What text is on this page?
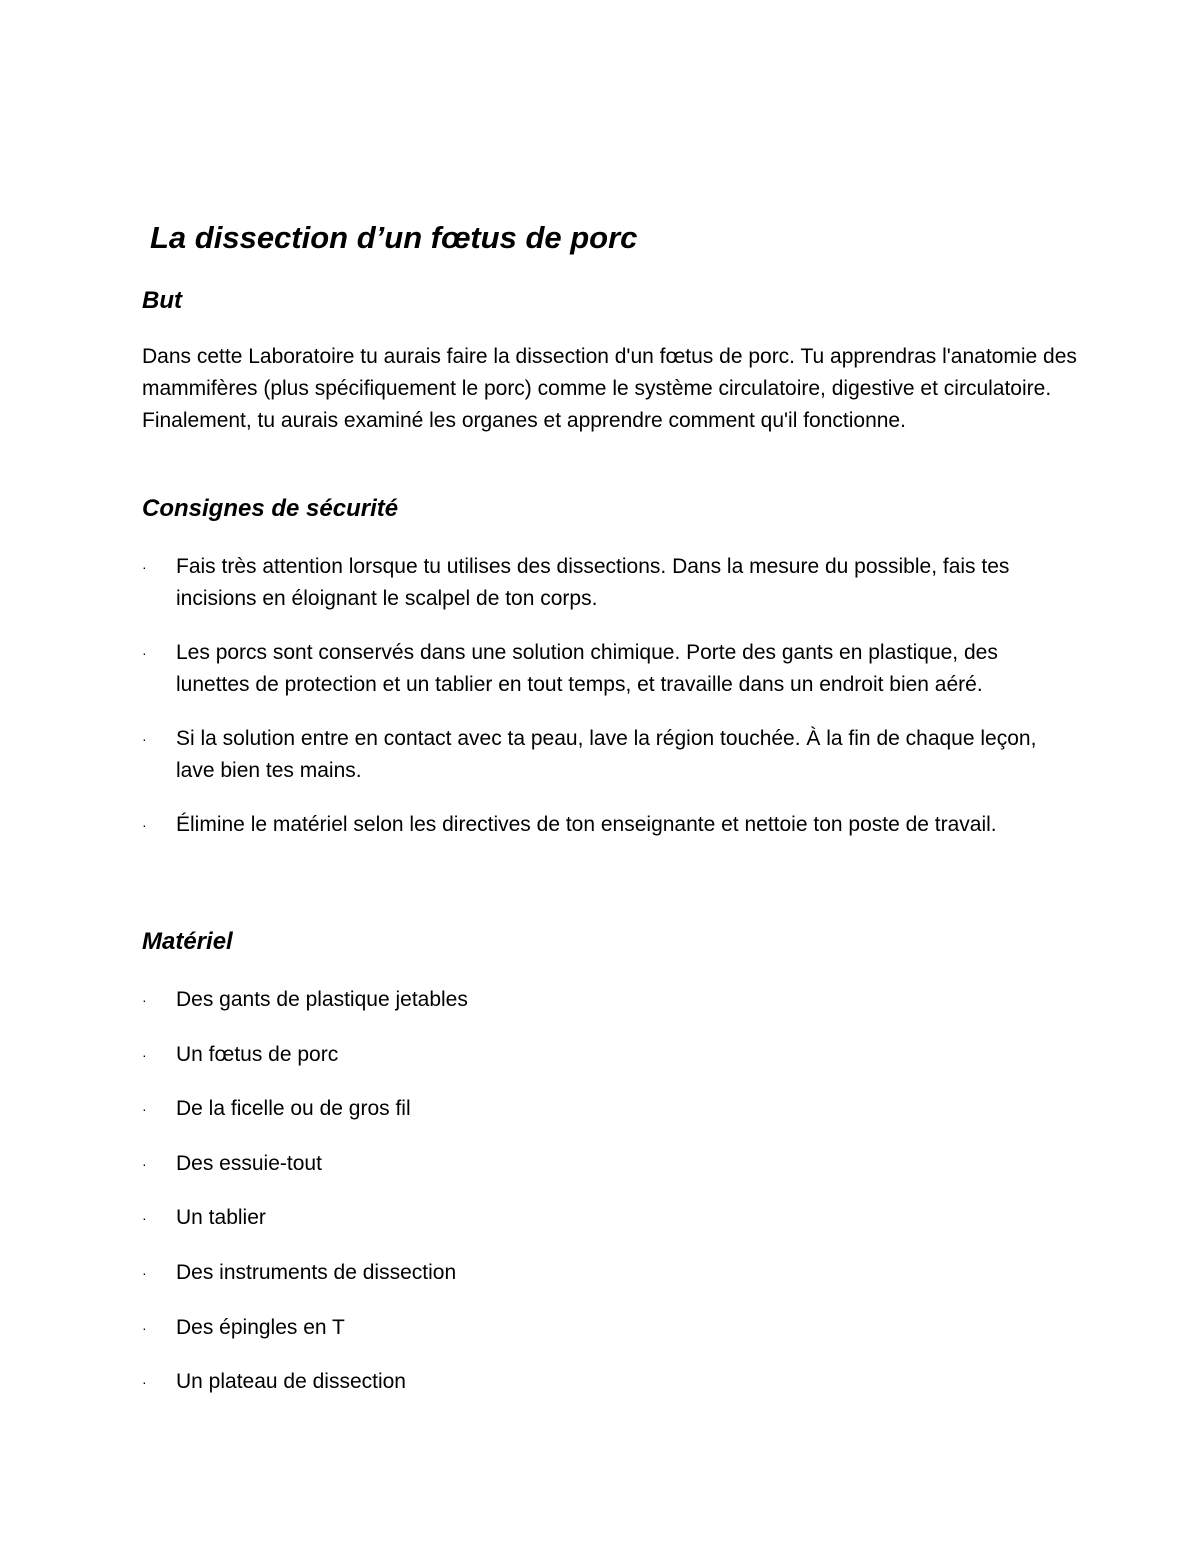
La dissection d’un fœtus de porc
But

Dans cette Laboratoire tu aurais faire la dissection d'un fœtus de porc. Tu apprendras l'anatomie des mammifères (plus spécifiquement le porc) comme le système circulatoire, digestive et circulatoire. Finalement, tu aurais examiné les organes et apprendre comment qu'il fonctionne.

Consignes de sécurité
·	Fais très attention lorsque tu utilises des dissections. Dans la mesure du possible, fais tes incisions en éloignant le scalpel de ton corps.
·	Les porcs sont conservés dans une solution chimique. Porte des gants en plastique, des lunettes de protection et un tablier en tout temps, et travaille dans un endroit bien aéré.
·	Si la solution entre en contact avec ta peau, lave la région touchée. À la fin de chaque leçon, lave bien tes mains.
·	Élimine le matériel selon les directives de ton enseignante et nettoie ton poste de travail.
Matériel
·	Des gants de plastique jetables
·	Un fœtus de porc
·	De la ficelle ou de gros fil
·	Des essuie-tout
·	Un tablier
·	Des instruments de dissection
·	Des épingles en T
·	Un plateau de dissection
